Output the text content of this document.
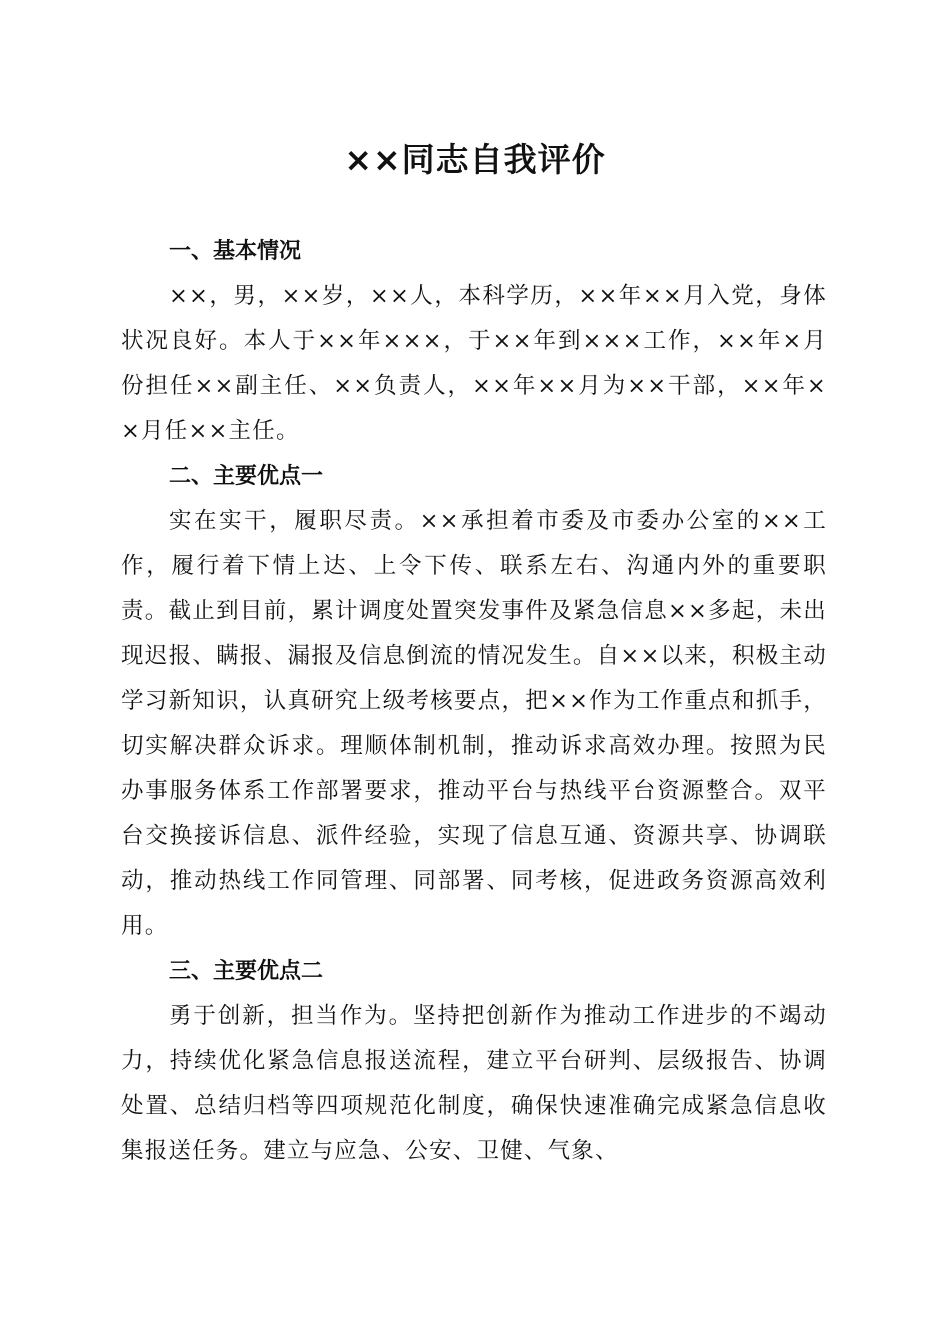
××同志自我评价
一、基本情况

××，男，××岁，××人，本科学历，××年××月入党，身体状况良好。本人于××年×××，于××年到×××工作，××年×月份担任××副主任、××负责人，××年××月为××干部，××年××月任××主任。

二、主要优点一

实在实干，履职尽责。××承担着市委及市委办公室的××工作，履行着下情上达、上令下传、联系左右、沟通内外的重要职责。截止到目前，累计调度处置突发事件及紧急信息××多起，未出现迟报、瞒报、漏报及信息倒流的情况发生。自××以来，积极主动学习新知识，认真研究上级考核要点，把××作为工作重点和抓手，切实解决群众诉求。理顺体制机制，推动诉求高效办理。按照为民办事服务体系工作部署要求，推动平台与热线平台资源整合。双平台交换接诉信息、派件经验，实现了信息互通、资源共享、协调联动，推动热线工作同管理、同部署、同考核，促进政务资源高效利用。

三、主要优点二

勇于创新，担当作为。坚持把创新作为推动工作进步的不竭动力，持续优化紧急信息报送流程，建立平台研判、层级报告、协调处置、总结归档等四项规范化制度，确保快速准确完成紧急信息收集报送任务。建立与应急、公安、卫健、气象、
